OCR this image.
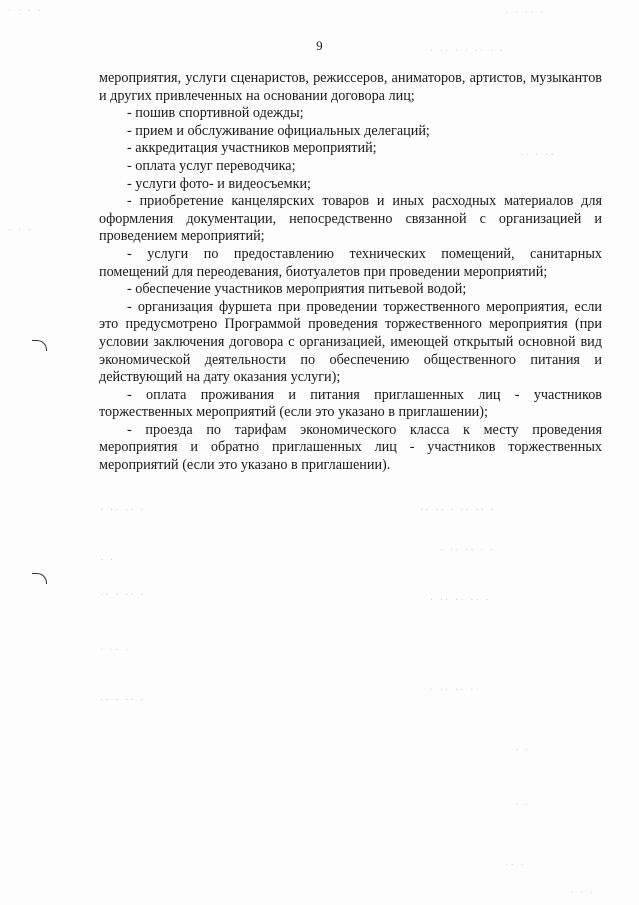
9

мероприятия, услуги сценаристов, режиссеров, аниматоров, артистов, музыкантов и других привлеченных на основании договора лиц;

- пошив спортивной одежды;

- прием и обслуживание официальных делегаций;

- аккредитация участников мероприятий;

- оплата услуг переводчика;

- услуги фото- и видеосъемки;

- приобретение канцелярских товаров и иных расходных материалов для оформления документации, непосредственно связанной с организацией и проведением мероприятий;

- услуги по предоставлению технических помещений, санитарных помещений для переодевания, биотуалетов при проведении мероприятий;

- обеспечение участников мероприятия питьевой водой;

- организация фуршета при проведении торжественного мероприятия, если это предусмотрено Программой проведения торжественного мероприятия (при условии заключения договора с организацией, имеющей открытый основной вид экономической деятельности по обеспечению общественного питания и действующий на дату оказания услуги);

- оплата проживания и питания приглашенных лиц - участников торжественных мероприятий (если это указано в приглашении);

- проезда по тарифам экономического класса к месту проведения мероприятия и обратно приглашенных лиц - участников торжественных мероприятий (если это указано в приглашении).

· · · ·	· · ·· ·
· ·· · · ·· · ·
·· · ··
· · ·
· ·· ·· ·	·· ·· · ·· ·· ·
· ·· ·· · ·
· ·
·· · ·· ·	· ·· ·· ·· ·
· ·· ·
· ·· ·· ··
·· · ·· ·
· ·
· ·
·· ·
· · ·
